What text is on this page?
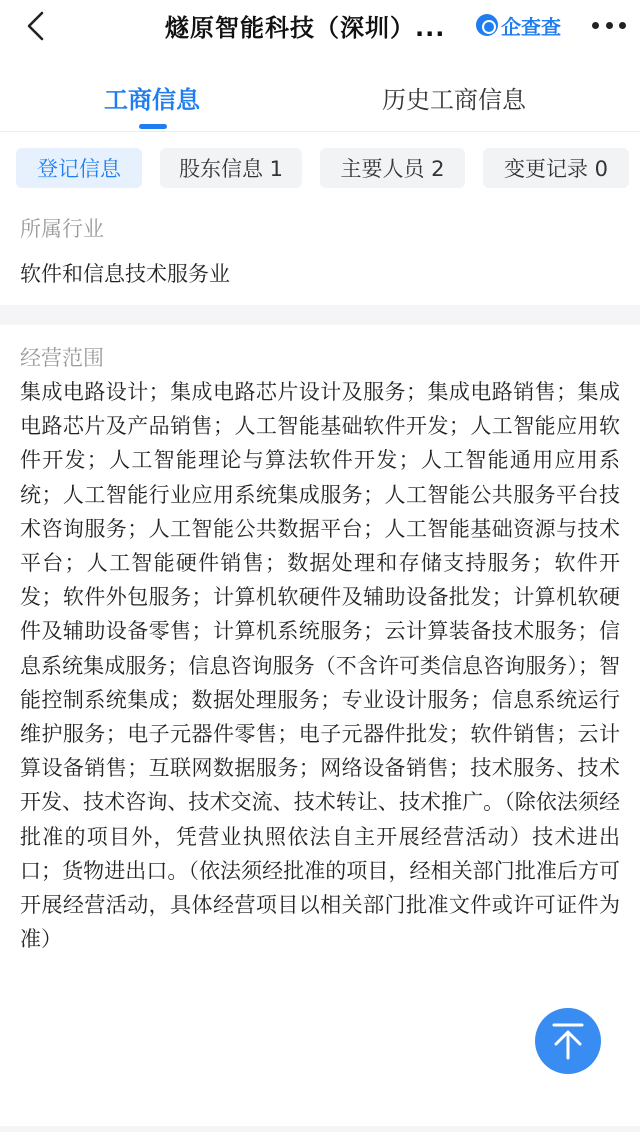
燧原智能科技（深圳）...	企查查
工商信息	历史工商信息
登记信息	股东信息 1	主要人员 2	变更记录 0
所属行业
软件和信息技术服务业
经营范围
集成电路设计；集成电路芯片设计及服务；集成电路销售；集成电路芯片及产品销售；人工智能基础软件开发；人工智能应用软件开发；人工智能理论与算法软件开发；人工智能通用应用系统；人工智能行业应用系统集成服务；人工智能公共服务平台技术咨询服务；人工智能公共数据平台；人工智能基础资源与技术平台；人工智能硬件销售；数据处理和存储支持服务；软件开发；软件外包服务；计算机软硬件及辅助设备批发；计算机软硬件及辅助设备零售；计算机系统服务；云计算装备技术服务；信息系统集成服务；信息咨询服务（不含许可类信息咨询服务）；智能控制系统集成；数据处理服务；专业设计服务；信息系统运行维护服务；电子元器件零售；电子元器件批发；软件销售；云计算设备销售；互联网数据服务；网络设备销售；技术服务、技术开发、技术咨询、技术交流、技术转让、技术推广。（除依法须经批准的项目外，凭营业执照依法自主开展经营活动）技术进出口；货物进出口。（依法须经批准的项目，经相关部门批准后方可开展经营活动，具体经营项目以相关部门批准文件或许可证件为准）
